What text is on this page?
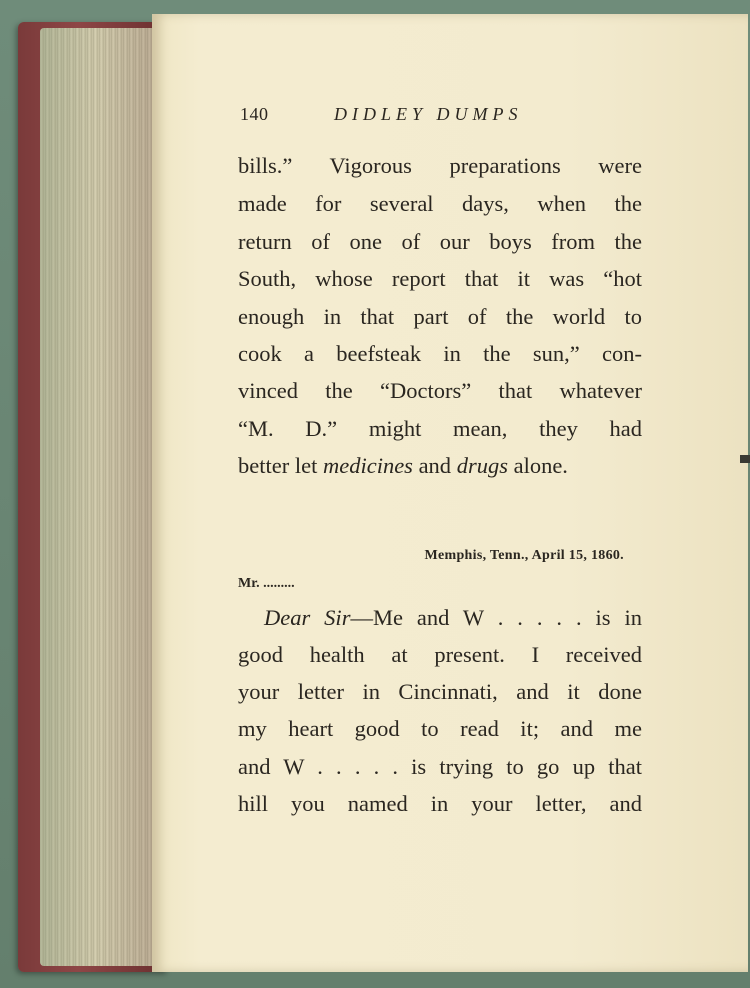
140	DIDLEY DUMPS
bills.” Vigorous preparations were
made for several days, when the
return of one of our boys from the
South, whose report that it was “hot
enough in that part of the world to
cook a beefsteak in the sun,” con-
vinced the “Doctors” that whatever
“M. D.” might mean, they had
better let medicines and drugs alone.
Memphis, Tenn., April 15, 1860.
Mr. .........
Dear Sir—Me and W . . . . . is in
good health at present. I received
your letter in Cincinnati, and it done
my heart good to read it; and me
and W . . . . . is trying to go up that
hill you named in your letter, and
